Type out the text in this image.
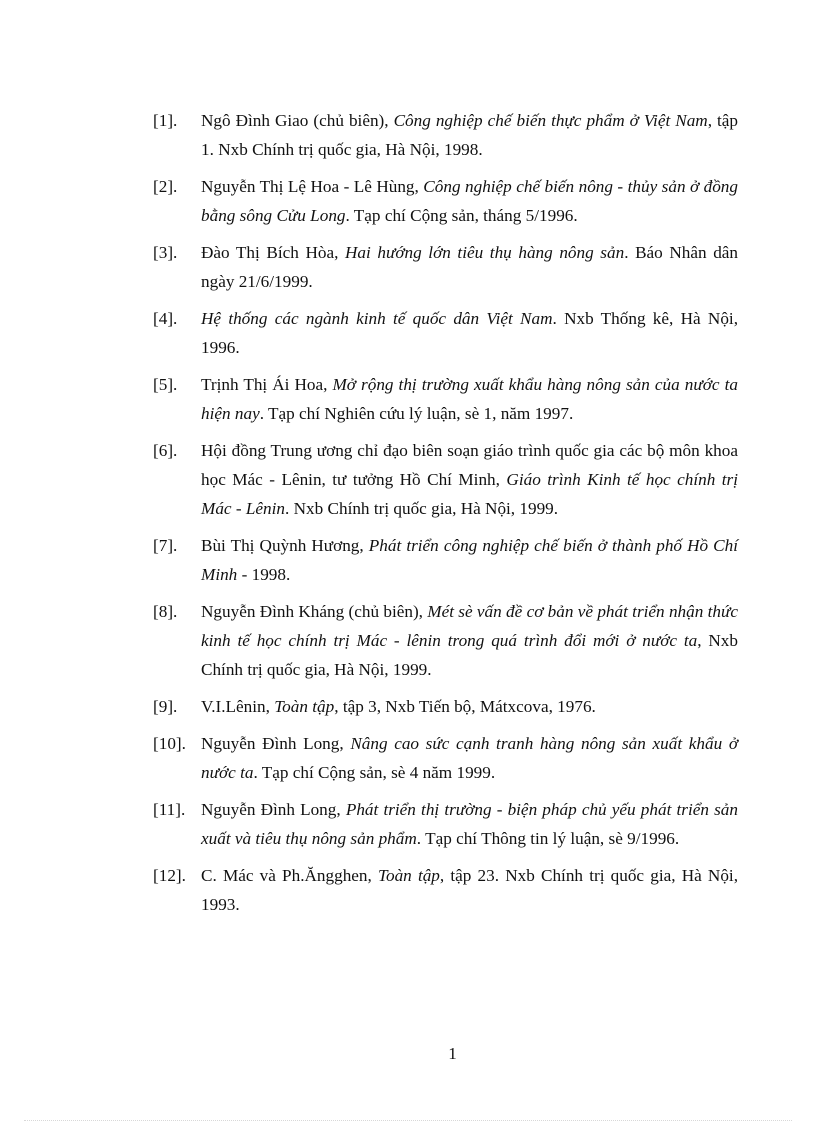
[1].	Ngô Đình Giao (chủ biên), Công nghiệp chế biến thực phẩm ở Việt Nam, tập 1. Nxb Chính trị quốc gia, Hà Nội, 1998.
[2].	Nguyễn Thị Lệ Hoa - Lê Hùng, Công nghiệp chế biến nông - thủy sản ở đồng bằng sông Cửu Long. Tạp chí Cộng sản, tháng 5/1996.
[3].	Đào Thị Bích Hòa, Hai hướng lớn tiêu thụ hàng nông sản. Báo Nhân dân ngày 21/6/1999.
[4].	Hệ thống các ngành kinh tế quốc dân Việt Nam. Nxb Thống kê, Hà Nội, 1996.
[5].	Trịnh Thị Ái Hoa, Mở rộng thị trường xuất khẩu hàng nông sản của nước ta hiện nay. Tạp chí Nghiên cứu lý luận, sè 1, năm 1997.
[6].	Hội đồng Trung ương chỉ đạo biên soạn giáo trình quốc gia các bộ môn khoa học Mác - Lênin, tư tưởng Hồ Chí Minh, Giáo trình Kinh tế học chính trị Mác - Lênin. Nxb Chính trị quốc gia, Hà Nội, 1999.
[7].	Bùi Thị Quỳnh Hương, Phát triển công nghiệp chế biến ở thành phố Hồ Chí Minh - 1998.
[8].	Nguyễn Đình Kháng (chủ biên), Mét sè vấn đề cơ bản về phát triển nhận thức kinh tế học chính trị Mác - lênin trong quá trình đổi mới ở nước ta, Nxb Chính trị quốc gia, Hà Nội, 1999.
[9].	V.I.Lênin, Toàn tập, tập 3, Nxb Tiến bộ, Mátxcova, 1976.
[10]. Nguyễn Đình Long, Nâng cao sức cạnh tranh hàng nông sản xuất khẩu ở nước ta. Tạp chí Cộng sản, sè 4 năm 1999.
[11]. Nguyễn Đình Long, Phát triển thị trường - biện pháp chủ yếu phát triển sản xuất và tiêu thụ nông sản phẩm. Tạp chí Thông tin lý luận, sè 9/1996.
[12]. C. Mác và Ph.Ăngghen, Toàn tập, tập 23. Nxb Chính trị quốc gia, Hà Nội, 1993.
1
